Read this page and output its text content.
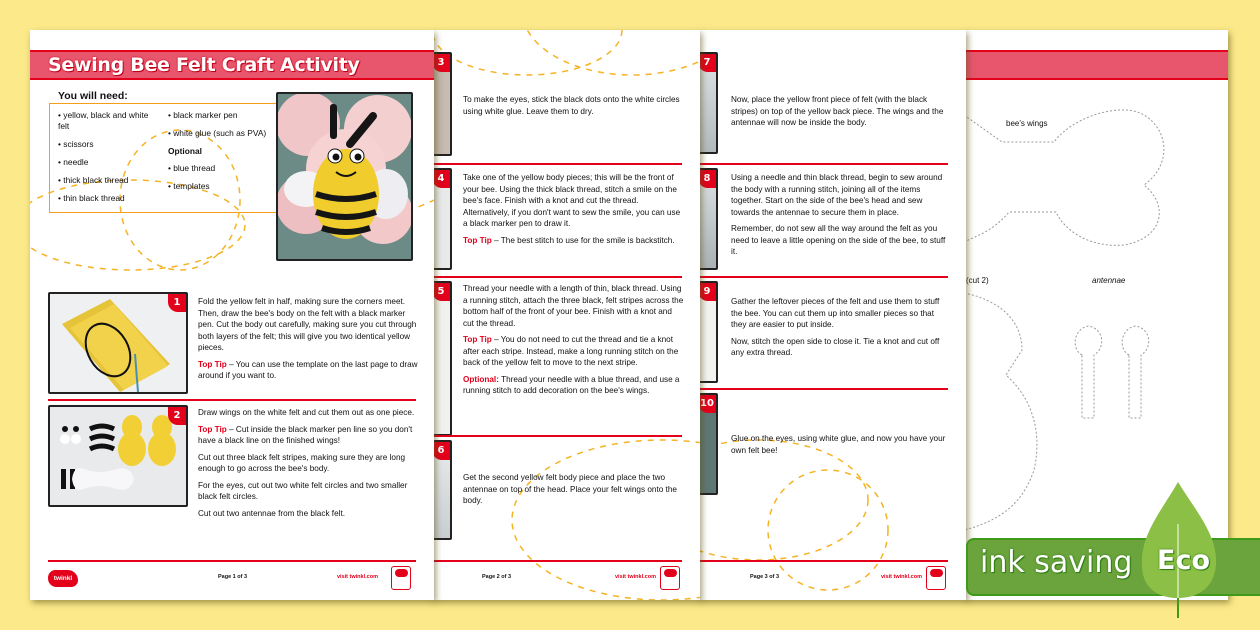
bee's wings
(cut 2)	antennae
7

Now, place the yellow front piece of felt (with the black stripes) on top of the yellow back piece. The wings and the antennae will now be inside the body.

8	Using a needle and thin black thread, begin to sew around the body with a running stitch, joining all of the items together. Start on the side of the bee's head and sew towards the antennae to secure them in place.

Remember, do not sew all the way around the felt as you need to leave a little opening on the side of the bee, to stuff it.

9

Gather the leftover pieces of the felt and use them to stuff the bee. You can cut them up into smaller pieces so that they are easier to put inside.

Now, stitch the open side to close it. Tie a knot and cut off any extra thread.

10

Glue on the eyes, using white glue, and now you have your own felt bee!

Page 3 of 3	visit twinkl.com
3

To make the eyes, stick the black dots onto the white circles using white glue. Leave them to dry.

4	Take one of the yellow body pieces; this will be the front of your bee. Using the thick black thread, stitch a smile on the bee's face. Finish with a knot and cut the thread. Alternatively, if you don't want to sew the smile, you can use a black marker pen to draw it.

Top Tip – The best stitch to use for the smile is backstitch.

5	Thread your needle with a length of thin, black thread. Using a running stitch, attach the three black, felt stripes across the bottom half of the front of your bee. Finish with a knot and cut the thread.

Top Tip – You do not need to cut the thread and tie a knot after each stripe. Instead, make a long running stitch on the back of the yellow felt to move to the next stripe.

Optional: Thread your needle with a blue thread, and use a running stitch to add decoration on the bee's wings.

6

Get the second yellow felt body piece and place the two antennae on top of the head. Place your felt wings onto the body.

Page 2 of 3	visit twinkl.com
Sewing Bee Felt Craft Activity
You will need:
• yellow, black and white felt
• scissors
• needle
• thick black thread
• thin black thread
• black marker pen
• white glue (such as PVA)
Optional
• blue thread
• templates
1	Fold the yellow felt in half, making sure the corners meet. Then, draw the bee's body on the felt with a black marker pen. Cut the body out carefully, making sure you cut through both layers of the felt; this will give you two identical yellow pieces.

Top Tip – You can use the template on the last page to draw around if you want to.

2	Draw wings on the white felt and cut them out as one piece.

Top Tip – Cut inside the black marker pen line so you don't have a black line on the finished wings!

Cut out three black felt stripes, making sure they are long enough to go across the bee's body.

For the eyes, cut out two white felt circles and two smaller black felt circles.

Cut out two antennae from the black felt.

twinkl	Page 1 of 3	visit twinkl.com	ink saving Eco
